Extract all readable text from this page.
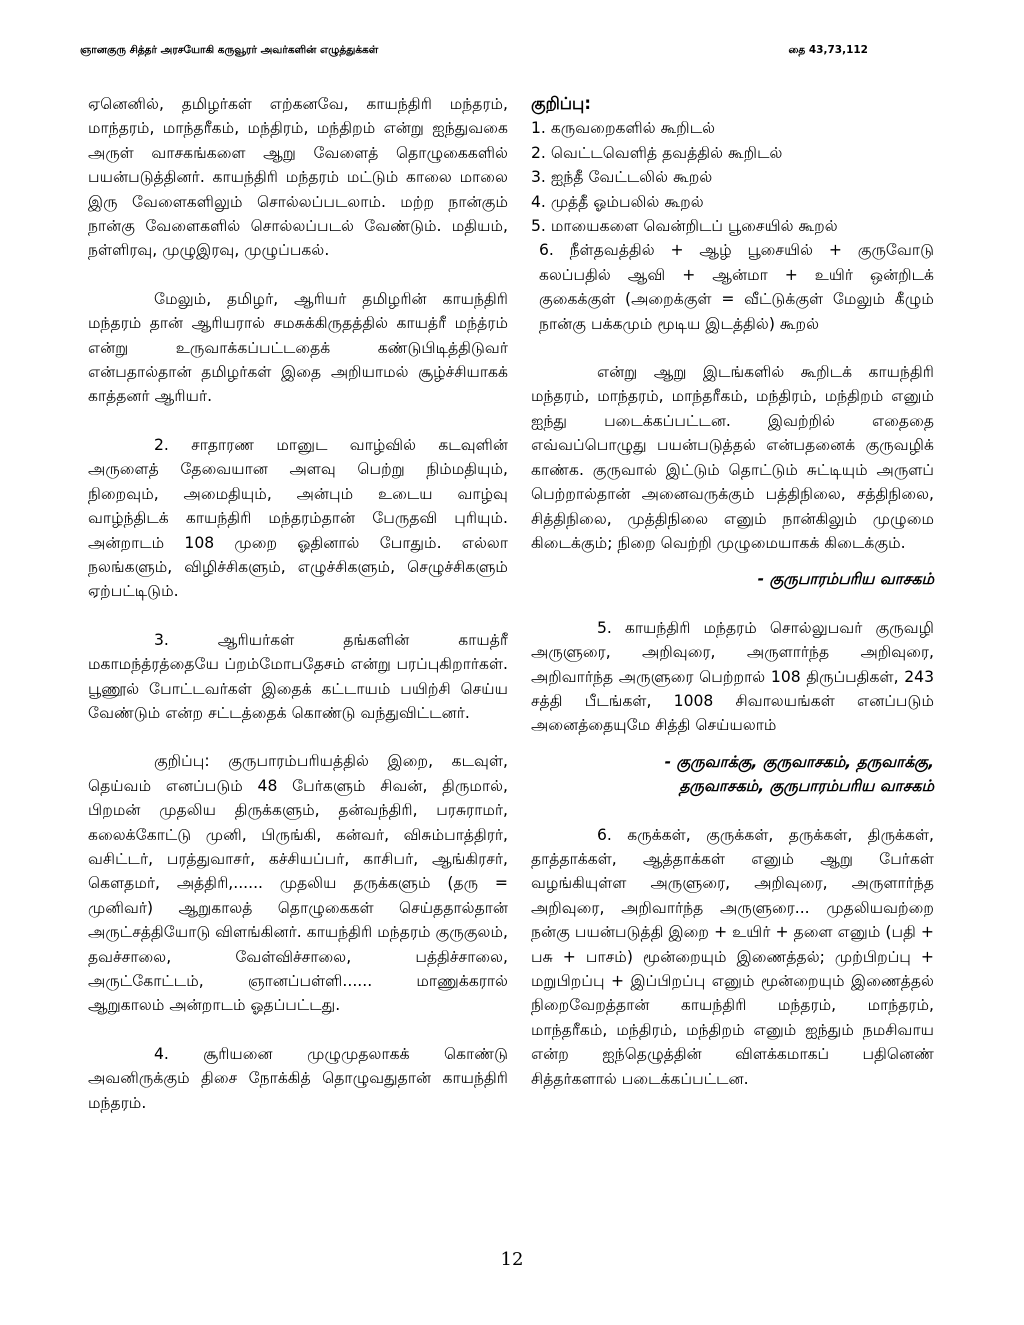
ஞானகுரு சித்தர் அரசயோகி கருவூரர் அவர்களின் எழுத்துக்கள்	தை 43,73,112

ஏனெனில், தமிழர்கள் எற்கனவே, காயந்திரி மந்தரம், மாந்தரம், மாந்தரீகம், மந்திரம், மந்திறம் என்று ஐந்துவகை அருள் வாசகங்களை ஆறு வேளைத் தொழுகைகளில் பயன்படுத்தினர். காயந்திரி மந்தரம் மட்டும் காலை மாலை இரு வேளைகளிலும் சொல்லப்படலாம். மற்ற நான்கும் நான்கு வேளைகளில் சொல்லப்படல் வேண்டும். மதியம், நள்ளிரவு, முழுஇரவு, முழுப்பகல்.

மேலும், தமிழர், ஆரியர் தமிழரின் காயந்திரி மந்தரம் தான் ஆரியரால் சமசுக்கிருதத்தில் காயத்ரீ மந்த்ரம் என்று உருவாக்கப்பட்டதைக் கண்டுபிடித்திடுவர் என்பதால்தான் தமிழர்கள் இதை அறியாமல் சூழ்ச்சியாகக் காத்தனர் ஆரியர்.

2. சாதாரண மானுட வாழ்வில் கடவுளின் அருளைத் தேவையான அளவு பெற்று நிம்மதியும், நிறைவும், அமைதியும், அன்பும் உடைய வாழ்வு வாழ்ந்திடக் காயந்திரி மந்தரம்தான் பேருதவி புரியும். அன்றாடம் 108 முறை ஓதினால் போதும். எல்லா நலங்களும், விழிச்சிகளும், எழுச்சிகளும், செழுச்சிகளும் ஏற்பட்டிடும்.

3. ஆரியர்கள் தங்களின் காயத்ரீ மகாமந்த்ரத்தையே ப்றம்மோபதேசம் என்று பரப்புகிறார்கள். பூணூல் போட்டவர்கள் இதைக் கட்டாயம் பயிற்சி செய்ய வேண்டும் என்ற சட்டத்தைக் கொண்டு வந்துவிட்டனர்.

குறிப்பு: குருபாரம்பரியத்தில் இறை, கடவுள், தெய்வம் எனப்படும் 48 பேர்களும் சிவன், திருமால், பிறமன் முதலிய திருக்களும், தன்வந்திரி, பரசுராமர், கலைக்கோட்டு முனி, பிருங்கி, கன்வர், விசும்பாத்திரர், வசிட்டர், பரத்துவாசர், கச்சியப்பர், காசிபர், ஆங்கிரசர், கௌதமர், அத்திரி,...... முதலிய தருக்களும் (தரு = முனிவர்) ஆறுகாலத் தொழுகைகள் செய்ததால்தான் அருட்சத்தியோடு விளங்கினர். காயந்திரி மந்தரம் குருகுலம், தவச்சாலை, வேள்விச்சாலை, பத்திச்சாலை, அருட்கோட்டம், ஞானப்பள்ளி...... மாணுக்கரால் ஆறுகாலம் அன்றாடம் ஓதப்பட்டது.

4. சூரியனை முழுமுதலாகக் கொண்டு அவனிருக்கும் திசை நோக்கித் தொழுவதுதான் காயந்திரி மந்தரம்.

குறிப்பு:

1. கருவறைகளில் கூறிடல்

2. வெட்டவெளித் தவத்தில் கூறிடல்

3. ஐந்தீ வேட்டலில் கூறல்

4. முத்தீ ஓம்பலில் கூறல்

5. மாயைகளை வென்றிடப் பூசையில் கூறல்

6. நீள்தவத்தில் + ஆழ் பூசையில் + குருவோடு கலப்பதில் ஆவி + ஆன்மா + உயிர் ஒன்றிடக் குகைக்குள் (அறைக்குள் = வீட்டுக்குள் மேலும் கீழும் நான்கு பக்கமும் மூடிய இடத்தில்) கூறல்

என்று ஆறு இடங்களில் கூறிடக் காயந்திரி மந்தரம், மாந்தரம், மாந்தரீகம், மந்திரம், மந்திறம் எனும் ஐந்து படைக்கப்பட்டன. இவற்றில் எதைதை எவ்வப்பொழுது பயன்படுத்தல் என்பதனைக் குருவழிக் காண்க. குருவால் இட்டும் தொட்டும் சுட்டியும் அருளப் பெற்றால்தான் அனைவருக்கும் பத்திநிலை, சத்திநிலை, சித்திநிலை, முத்திநிலை எனும் நான்கிலும் முழுமை கிடைக்கும்; நிறை வெற்றி முழுமையாகக் கிடைக்கும்.

- குருபாரம்பரிய வாசகம்

5. காயந்திரி மந்தரம் சொல்லுபவர் குருவழி அருளுரை, அறிவுரை, அருளார்ந்த அறிவுரை, அறிவார்ந்த அருளுரை பெற்றால் 108 திருப்பதிகள், 243 சத்தி பீடங்கள், 1008 சிவாலயங்கள் எனப்படும் அனைத்தையுமே சித்தி செய்யலாம்

- குருவாக்கு, குருவாசகம், தருவாக்கு,

தருவாசகம், குருபாரம்பரிய வாசகம்

6. கருக்கள், குருக்கள், தருக்கள், திருக்கள், தாத்தாக்கள், ஆத்தாக்கள் எனும் ஆறு பேர்கள் வழங்கியுள்ள அருளுரை, அறிவுரை, அருளார்ந்த அறிவுரை, அறிவார்ந்த அருளுரை... முதலியவற்றை நன்கு பயன்படுத்தி இறை + உயிர் + தளை எனும் (பதி + பசு + பாசம்) மூன்றையும் இணைத்தல்; முற்பிறப்பு + மறுபிறப்பு + இப்பிறப்பு எனும் மூன்றையும் இணைத்தல் நிறைவேறத்தான் காயந்திரி மந்தரம், மாந்தரம், மாந்தரீகம், மந்திரம், மந்திறம் எனும் ஐந்தும் நமசிவாய என்ற ஐந்தெழுத்தின் விளக்கமாகப் பதினெண் சித்தர்களால் படைக்கப்பட்டன.

12
